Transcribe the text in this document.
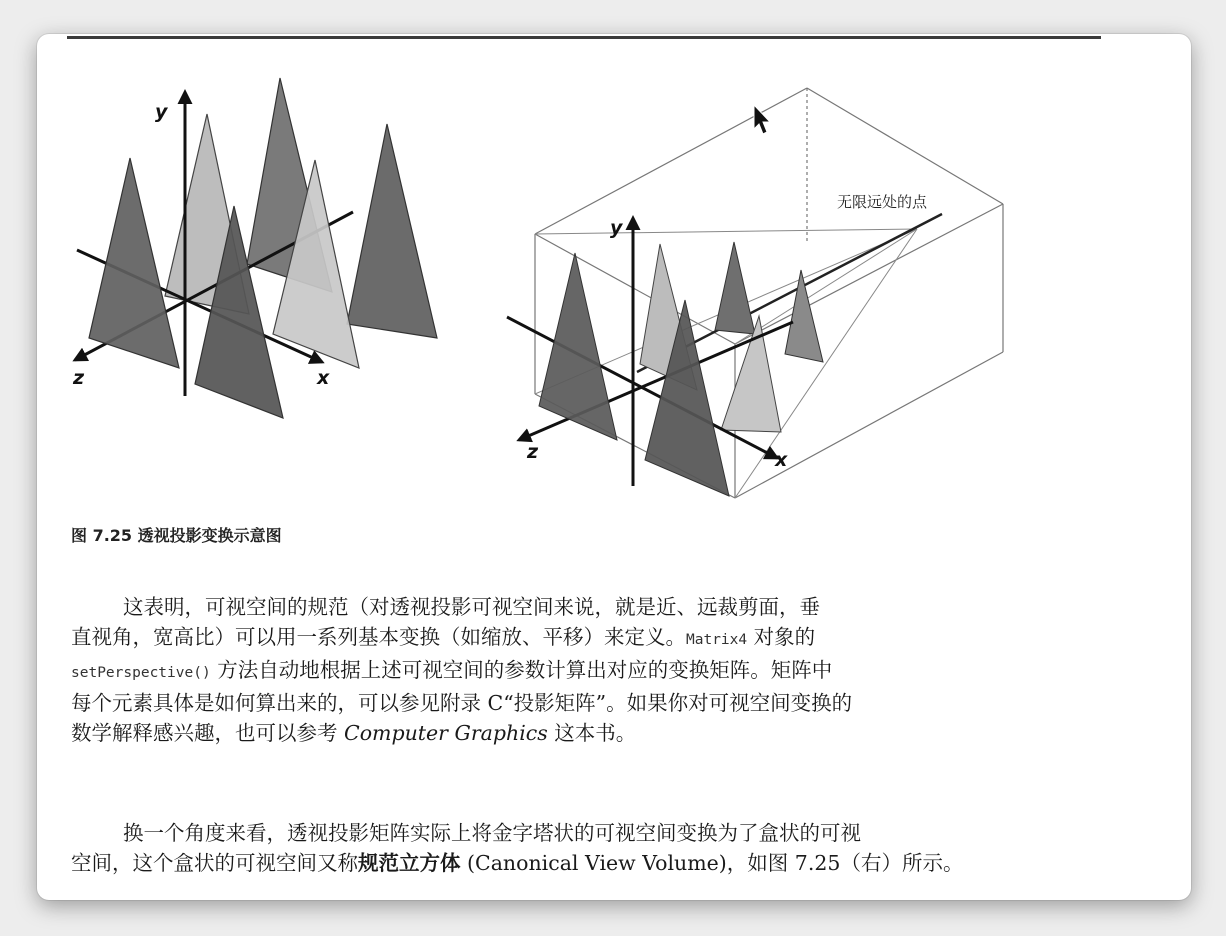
y
x
z
y
x
z
无限远处的点
图 7.25 透视投影变换示意图
这表明，可视空间的规范（对透视投影可视空间来说，就是近、远裁剪面，垂
直视角，宽高比）可以用一系列基本变换（如缩放、平移）来定义。Matrix4 对象的
setPerspective() 方法自动地根据上述可视空间的参数计算出对应的变换矩阵。矩阵中
每个元素具体是如何算出来的，可以参见附录 C“投影矩阵”。如果你对可视空间变换的
数学解释感兴趣，也可以参考 Computer Graphics 这本书。
换一个角度来看，透视投影矩阵实际上将金字塔状的可视空间变换为了盒状的可视
空间，这个盒状的可视空间又称规范立方体 (Canonical View Volume)，如图 7.25（右）所示。
